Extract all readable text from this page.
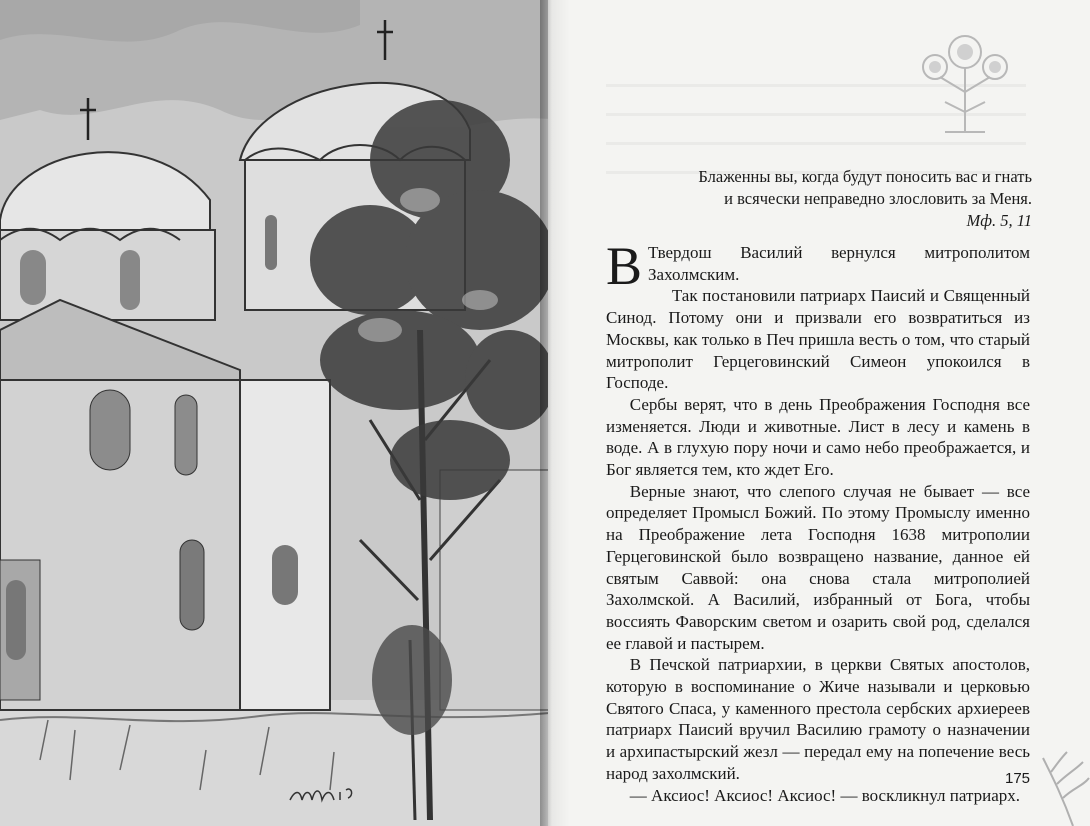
Блаженны вы, когда будут поносить вас и гнать
и всячески неправедно злословить за Меня.
Мф. 5, 11

В Твердош Василий вернулся митрополитом Захолмским.

Так постановили патриарх Паисий и Священный Синод. Потому они и призвали его возвратиться из Москвы, как только в Печ пришла весть о том, что старый митрополит Герцеговинский Симеон упокоился в Господе.

Сербы верят, что в день Преображения Господня все изменяется. Люди и животные. Лист в лесу и камень в воде. А в глухую пору ночи и само небо преображается, и Бог является тем, кто ждет Его.

Верные знают, что слепого случая не бывает — все определяет Промысл Божий. По этому Промыслу именно на Преображение лета Господня 1638 митрополии Герцеговинской было возвращено название, данное ей святым Саввой: она снова стала митрополией Захолмской. А Василий, избранный от Бога, чтобы воссиять Фаворским светом и озарить свой род, сделался ее главой и пастырем.

В Печской патриархии, в церкви Святых апостолов, которую в воспоминание о Жиче называли и церковью Святого Спаса, у каменного престола сербских архиереев патриарх Паисий вручил Василию грамоту о назначении и архипастырский жезл — передал ему на попечение весь народ захолмский.

— Аксиос! Аксиос! Аксиос! — воскликнул патриарх.

175
